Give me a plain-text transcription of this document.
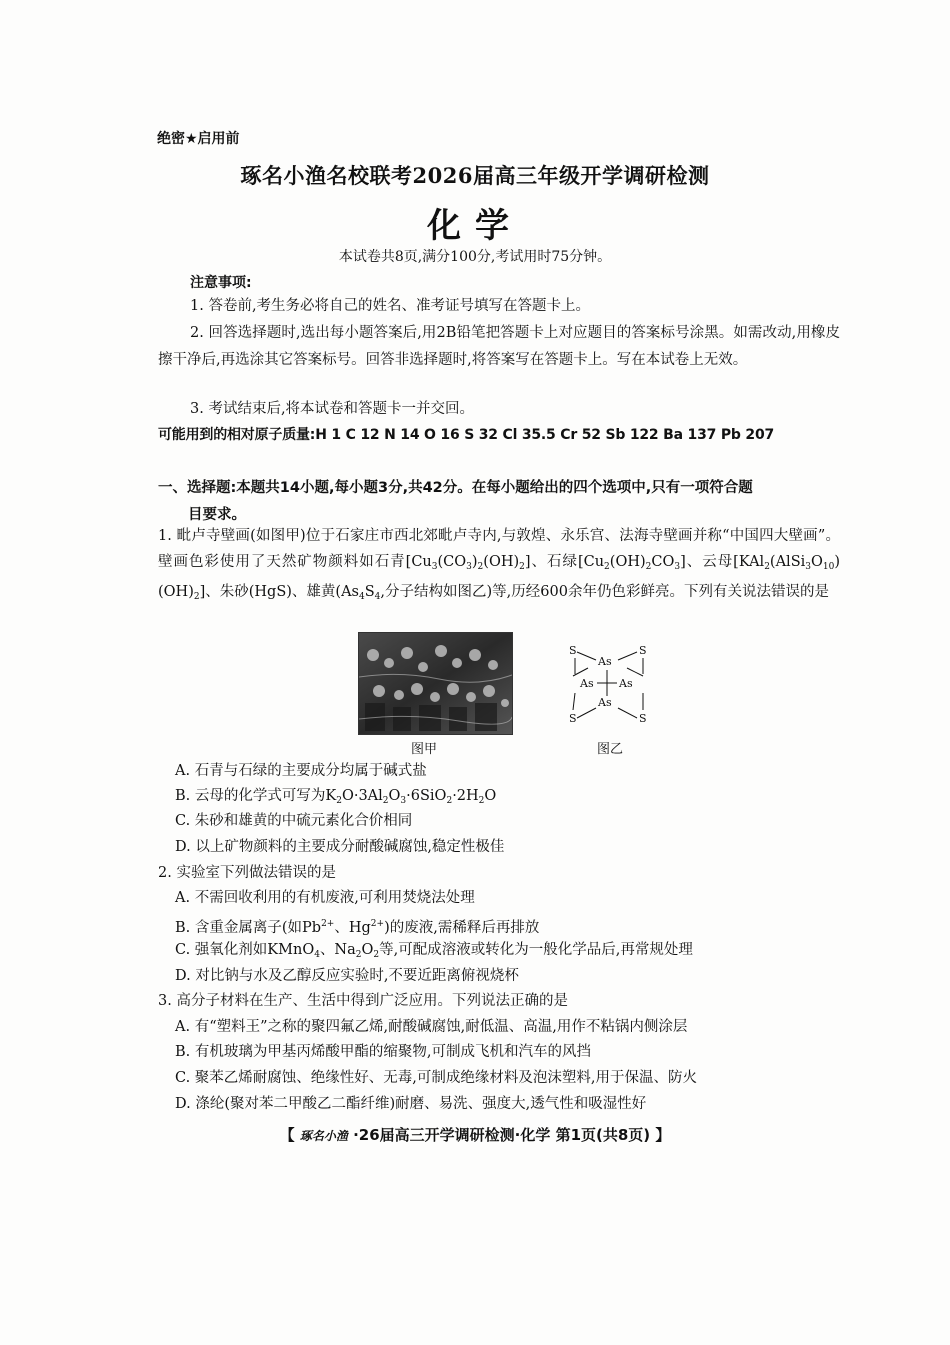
绝密★启用前
琢名小渔名校联考2026届高三年级开学调研检测
化学
本试卷共8页,满分100分,考试用时75分钟。
注意事项:
1. 答卷前,考生务必将自己的姓名、准考证号填写在答题卡上。
2. 回答选择题时,选出每小题答案后,用2B铅笔把答题卡上对应题目的答案标号涂黑。如需改动,用橡皮擦干净后,再选涂其它答案标号。回答非选择题时,将答案写在答题卡上。写在本试卷上无效。
3. 考试结束后,将本试卷和答题卡一并交回。
可能用到的相对原子质量:H 1 C 12 N 14 O 16 S 32 Cl 35.5 Cr 52 Sb 122 Ba 137 Pb 207
一、选择题:本题共14小题,每小题3分,共42分。在每小题给出的四个选项中,只有一项符合题
目要求。
1. 毗卢寺壁画(如图甲)位于石家庄市西北郊毗卢寺内,与敦煌、永乐宫、法海寺壁画并称“中国四大壁画”。壁画色彩使用了天然矿物颜料如石青$[Cu_3(CO_3)_2(OH)_2]$、石绿$[Cu_2(OH)_2CO_3]$、云母$[KAl_2(AlSi_3O_{10})(OH)_2]$、朱砂(HgS)、雄黄($As_4S_4$,分子结构如图乙)等,历经600余年仍色彩鲜亮。下列有关说法错误的是
图甲
S	S
S	S
As
As As
As
图乙
A. 石青与石绿的主要成分均属于碱式盐
B. 云母的化学式可写为$K_2O\cdot 3Al_2O_3\cdot 6SiO_2\cdot 2H_2O$
C. 朱砂和雄黄的中硫元素化合价相同
D. 以上矿物颜料的主要成分耐酸碱腐蚀,稳定性极佳
2. 实验室下列做法错误的是
A. 不需回收利用的有机废液,可利用焚烧法处理
B. 含重金属离子(如$Pb^{2+}$、$Hg^{2+}$)的废液,需稀释后再排放
C. 强氧化剂如KMnO$_4$、$Na_2O_2$等,可配成溶液或转化为一般化学品后,再常规处理
D. 对比钠与水及乙醇反应实验时,不要近距离俯视烧杯
3. 高分子材料在生产、生活中得到广泛应用。下列说法正确的是
A. 有“塑料王”之称的聚四氟乙烯,耐酸碱腐蚀,耐低温、高温,用作不粘锅内侧涂层
B. 有机玻璃为甲基丙烯酸甲酯的缩聚物,可制成飞机和汽车的风挡
C. 聚苯乙烯耐腐蚀、绝缘性好、无毒,可制成绝缘材料及泡沫塑料,用于保温、防火
D. 涤纶(聚对苯二甲酸乙二酯纤维)耐磨、易洗、强度大,透气性和吸湿性好
【 琢名小渔 ·26届高三开学调研检测·化学 第1页(共8页) 】
